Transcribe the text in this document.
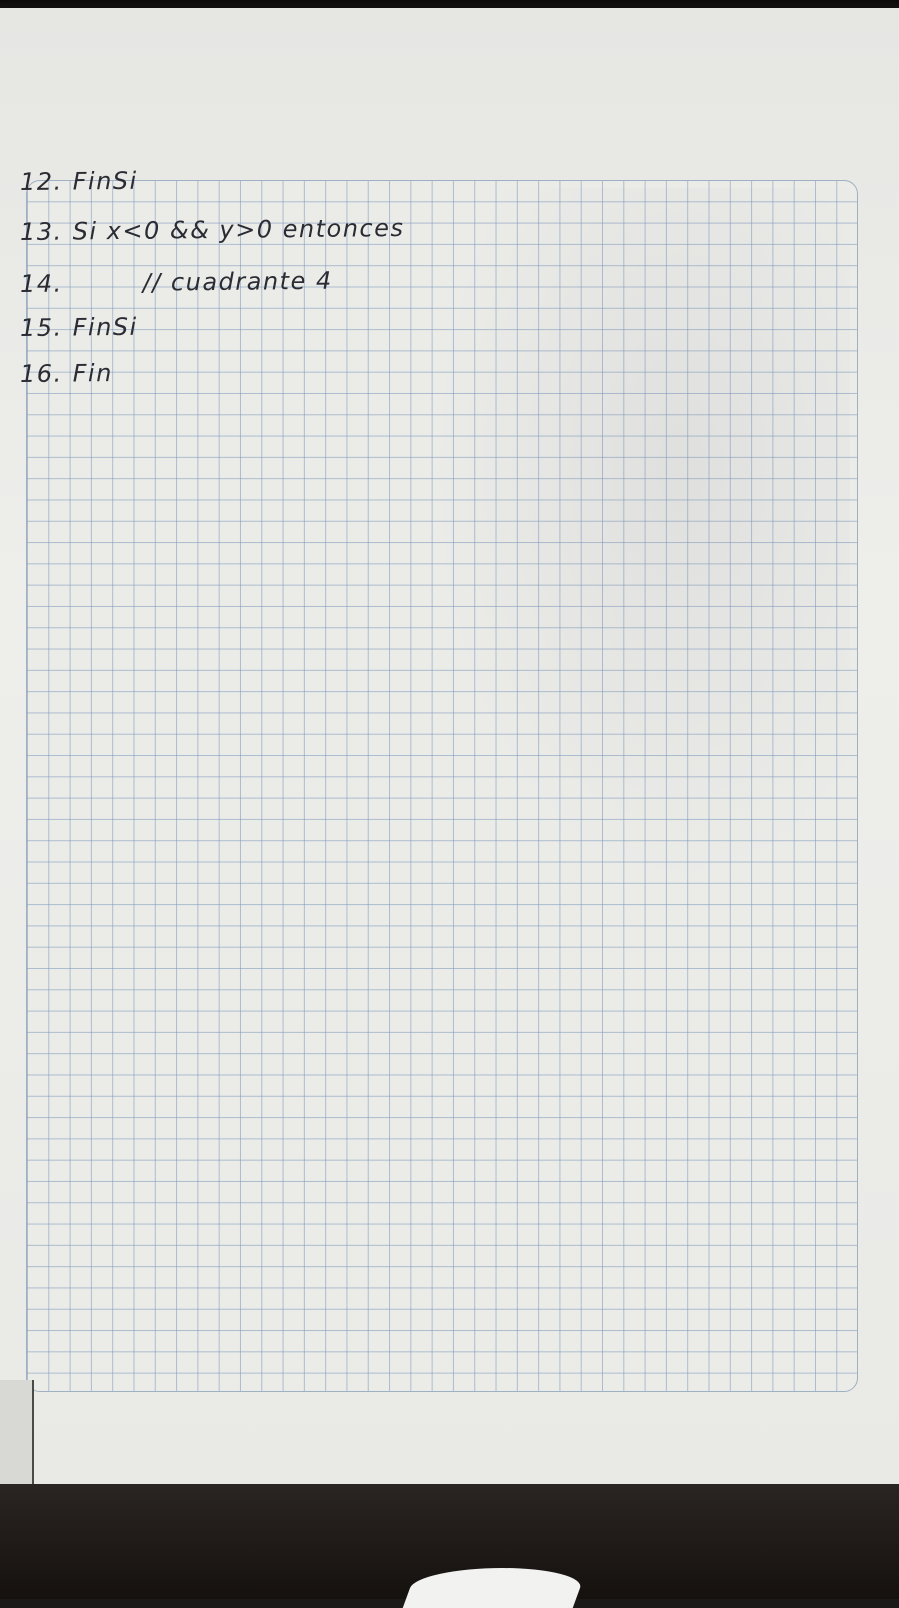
12. FinSi
13. Si x<0 && y>0 entonces
14.	// cuadrante 4
15. FinSi
16. Fin
